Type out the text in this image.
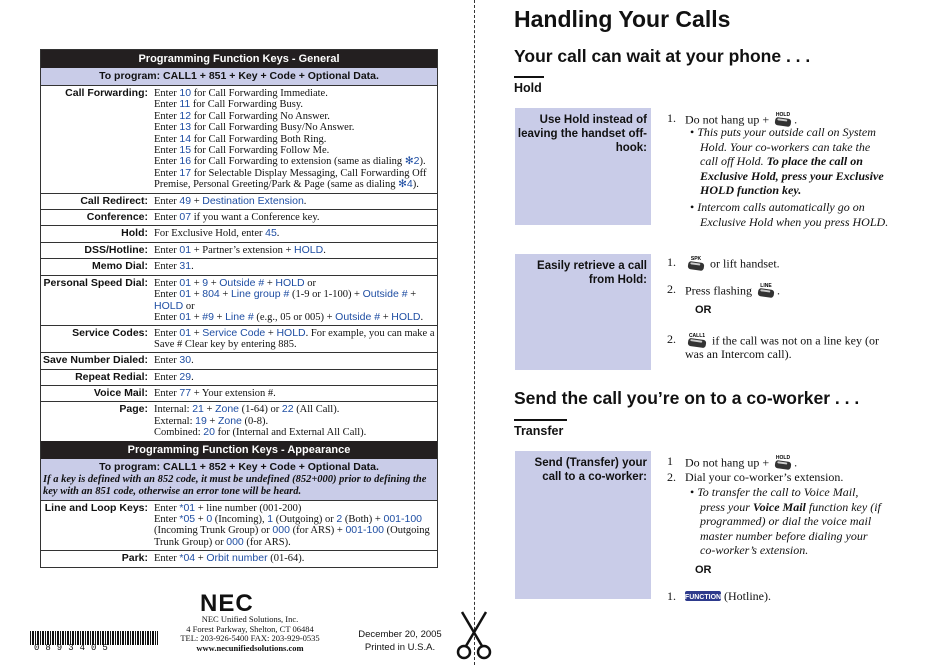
Programming Function Keys - General
To program: CALL1 + 851 + Key + Code + Optional Data.
Call Forwarding: Enter 10 for Call Forwarding Immediate.
Enter 11 for Call Forwarding Busy.
Enter 12 for Call Forwarding No Answer.
Enter 13 for Call Forwarding Busy/No Answer.
Enter 14 for Call Forwarding Both Ring.
Enter 15 for Call Forwarding Follow Me.
Enter 16 for Call Forwarding to extension (same as dialing ✻2).
Enter 17 for Selectable Display Messaging, Call Forwarding Off
Premise, Personal Greeting/Park & Page (same as dialing ✻4).
Call Redirect: Enter 49 + Destination Extension.
Conference: Enter 07 if you want a Conference key.
Hold: For Exclusive Hold, enter 45.
DSS/Hotline: Enter 01 + Partner’s extension + HOLD.
Memo Dial: Enter 31.
Personal Speed Dial: Enter 01 + 9 + Outside # + HOLD or
Enter 01 + 804 + Line group # (1-9 or 1-100) + Outside # +
HOLD or
Enter 01 + #9 + Line # (e.g., 05 or 005) + Outside # + HOLD.
Service Codes: Enter 01 + Service Code + HOLD. For example, you can make a
Save # Clear key by entering 885.
Save Number Dialed: Enter 30.
Repeat Redial: Enter 29.
Voice Mail: Enter 77 + Your extension #.
Page: Internal: 21 + Zone (1-64) or 22 (All Call).
External: 19 + Zone (0-8).
Combined: 20 for (Internal and External All Call).
Programming Function Keys - Appearance
To program: CALL1 + 852 + Key + Code + Optional Data.
If a key is defined with an 852 code, it must be undefined (852+000) prior to defining the key with an 851 code, otherwise an error tone will be heard.
Line and Loop Keys: Enter *01 + line number (001-200)
Enter *05 + 0 (Incoming), 1 (Outgoing) or 2 (Both) + 001-100
(Incoming Trunk Group) or 000 (for ARS) + 001-100 (Outgoing
Trunk Group) or 000 (for ARS).
Park: Enter *04 + Orbit number (01-64).
0893405
NEC
NEC Unified Solutions, Inc.
4 Forest Parkway, Shelton, CT 06484
TEL: 203-926-5400 FAX: 203-929-0535
www.necunifiedsolutions.com
December 20, 2005
Printed in U.S.A.
Handling Your Calls
Your call can wait at your phone . . .
Hold
Use Hold instead of leaving the handset off-hook:
1. Do not hang up + HOLD .
• This puts your outside call on System
Hold. Your co-workers can take the
call off Hold. To place the call on
Exclusive Hold, press your Exclusive
HOLD function key.
• Intercom calls automatically go on
Exclusive Hold when you press HOLD.
Easily retrieve a call from Hold:
1.	SPK or lift handset.
2. Press flashing LINE .
OR
2.	CALL1 if the call was not on a line key (or
was an Intercom call).
Send the call you’re on to a co-worker . . .
Transfer
Send (Transfer) your call to a co-worker:
1	Do not hang up + HOLD .
2. Dial your co-worker’s extension.
• To transfer the call to Voice Mail,
press your Voice Mail function key (if
programmed) or dial the voice mail
master number before dialing your
co-worker’s extension.
OR
1.	FUNCTION (Hotline).
